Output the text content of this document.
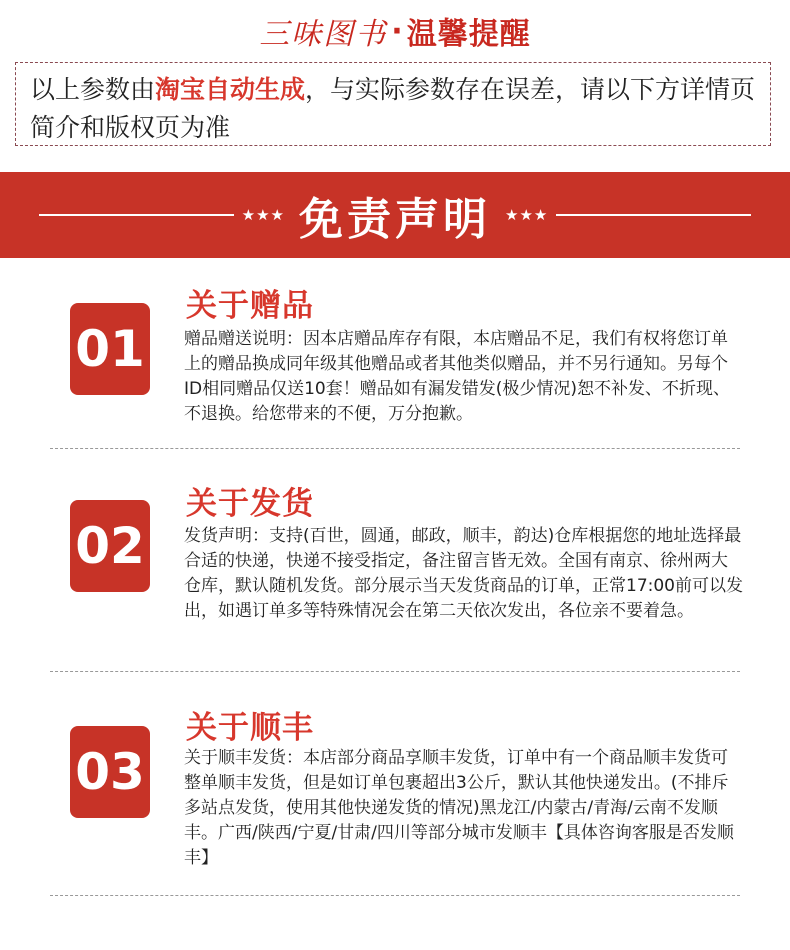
三味图书 · 温馨提醒
以上参数由淘宝自动生成，与实际参数存在误差，请以下方详情页简介和版权页为准
★★★ 免责声明 ★★★
01
关于赠品
赠品赠送说明：因本店赠品库存有限，本店赠品不足，我们有权将您订单上的赠品换成同年级其他赠品或者其他类似赠品，并不另行通知。另每个ID相同赠品仅送10套！赠品如有漏发错发(极少情况)恕不补发、不折现、不退换。给您带来的不便，万分抱歉。
02
关于发货
发货声明：支持(百世，圆通，邮政，顺丰，韵达)仓库根据您的地址选择最合适的快递，快递不接受指定，备注留言皆无效。全国有南京、徐州两大仓库，默认随机发货。部分展示当天发货商品的订单，正常17:00前可以发出，如遇订单多等特殊情况会在第二天依次发出，各位亲不要着急。
03
关于顺丰
关于顺丰发货：本店部分商品享顺丰发货，订单中有一个商品顺丰发货可整单顺丰发货，但是如订单包裹超出3公斤，默认其他快递发出。(不排斥多站点发货，使用其他快递发货的情况)黑龙江/内蒙古/青海/云南不发顺丰。广西/陕西/宁夏/甘肃/四川等部分城市发顺丰【具体咨询客服是否发顺丰】
